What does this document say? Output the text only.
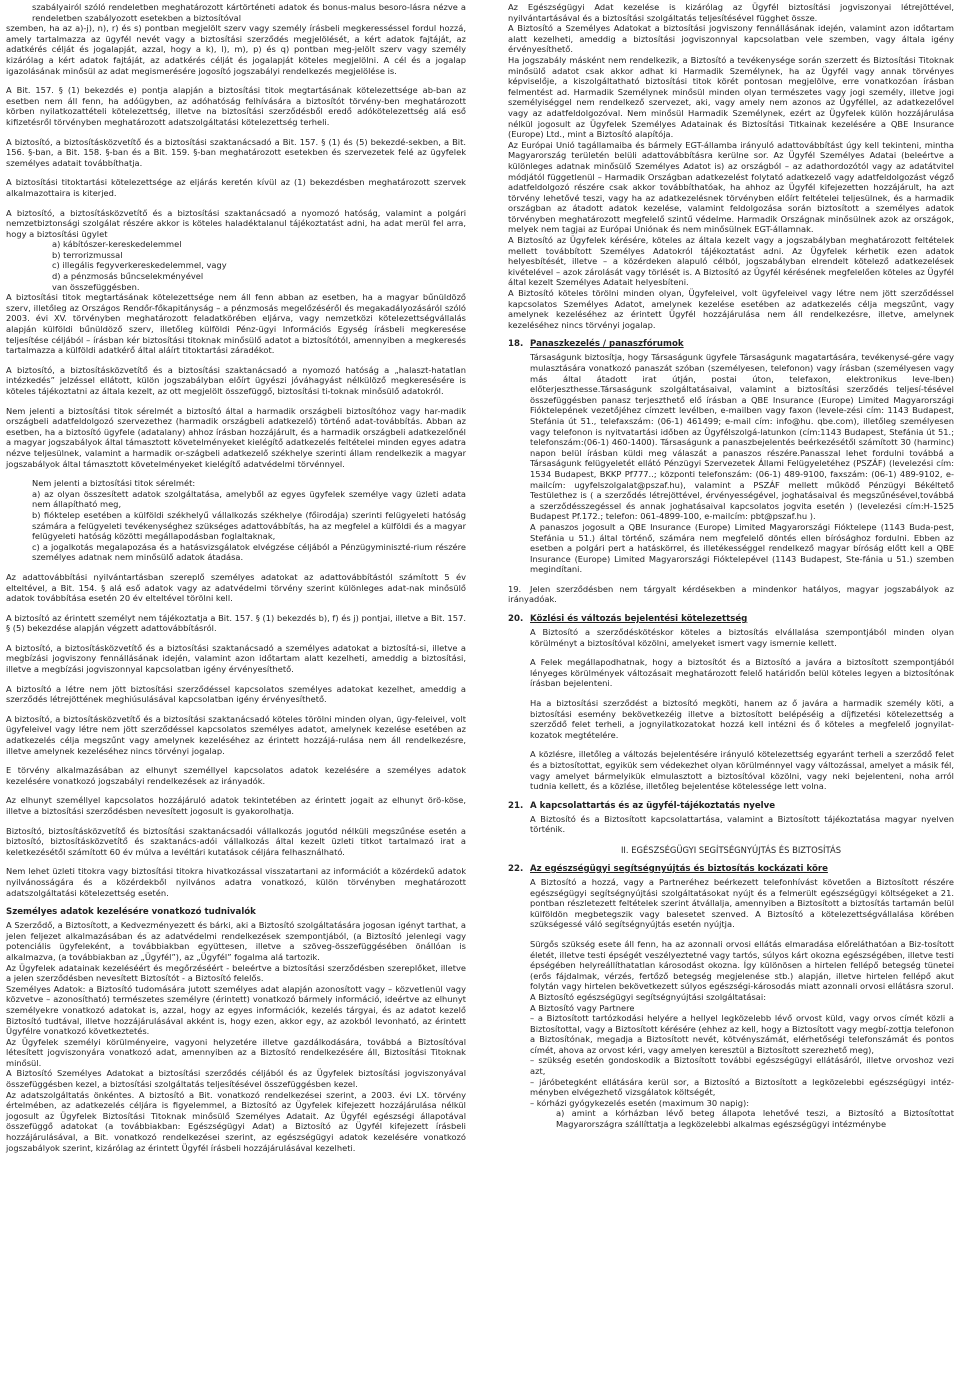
szabályairól szóló rendeletben meghatározott kártörténeti adatok és bonus-malus besoro-lásra nézve a rendeletben szabályozott esetekben a biztosítóval

szemben, ha az a)-j), n), r) és s) pontban megjelölt szerv vagy személy írásbeli megkeresséssel fordul hozzá, amely tartalmazza az ügyfél nevét vagy a biztosítási szerződés megjelölését, a kért adatok fajtáját, az adatkérés célját és jogalapját, azzal, hogy a k), l), m), p) és q) pontban meg-jelölt szerv vagy személy kizárólag a kért adatok fajtáját, az adatkérés célját és jogalapját köteles megjelölni. A cél és a jogalap igazolásának minősül az adat megismerésére jogosító jogszabályi rendelkezés megjelölése is.

A Bit. 157. § (1) bekezdés e) pontja alapján a biztosítási titok megtartásának kötelezettsége ab-ban az esetben nem áll fenn, ha adóügyben, az adóhatóság felhívására a biztosítót törvény-ben meghatározott körben nyilatkozattételi kötelezettség, illetve na biztosítási szerződésből eredő adókötelezettség alá eső kifizetésről törvényben meghatározott adatszolgáltatási kötelezettség terheli.

A biztosító, a biztosításközvetítő és a biztosítási szaktanácsadó a Bit. 157. § (1) és (5) bekezdé-sekben, a Bit. 156. §-ban, a Bit. 158. §-ban és a Bit. 159. §-ban meghatározott esetekben és szervezetek felé az ügyfelek személyes adatait továbbíthatja.

A biztosítási titoktartási kötelezettsége az eljárás keretén kívül az (1) bekezdésben meghatározott szervek alkalmazottaira is kiterjed.

A biztosító, a biztosításközvetítő és a biztosítási szaktanácsadó a nyomozó hatóság, valamint a polgári nemzetbiztonsági szolgálat részére akkor is köteles haladéktalanul tájékoztatást adni, ha adat merül fel arra, hogy a biztosítási ügylet

a) kábítószer-kereskedelemmel

b) terrorizmussal

c) illegális fegyverkereskedelemmel, vagy

d) a pénzmosás bűncselekményével

van összefüggésben.

A biztosítási titok megtartásának kötelezettsége nem áll fenn abban az esetben, ha a magyar bűnüldöző szerv, illetőleg az Országos Rendőr-főkapitányság – a pénzmosás megelőzéséről és megakadályozásáról szóló 2003. évi XV. törvényben meghatározott feladatkörében eljárva, vagy nemzetközi kötelezettségvállalás alapján külföldi bűnüldöző szerv, illetőleg külföldi Pénz-ügyi Információs Egység írásbeli megkeresése teljesítése céljából – írásban kér biztosítási titoknak minősülő adatot a biztosítótól, amennyiben a megkeresés tartalmazza a külföldi adatkérő által aláírt titoktartási záradékot.

A biztosító, a biztosításközvetítő és a biztosítási szaktanácsadó a nyomozó hatóság a „halaszt-hatatlan intézkedés” jelzéssel ellátott, külön jogszabályban előírt ügyészi jóváhagyást nélkülöző megkeresésére is köteles tájékoztatni az általa kezelt, az ott megjelölt összefüggő, biztosítási ti-toknak minősülő adatokról.

Nem jelenti a biztosítási titok sérelmét a biztosító által a harmadik országbeli biztosítóhoz vagy har-madik országbeli adatfeldolgozó szervezethez (harmadik országbeli adatkezelő) történő adat-továbbítás. Abban az esetben, ha a biztosító ügyfele (adatalany) ahhoz írásban hozzájárult, és a harmadik országbeli adatkezelőnél a magyar jogszabályok által támasztott követelményeket kielégítő adatkezelés feltételei minden egyes adatra nézve teljesülnek, valamint a harmadik or-szágbeli adatkezelő székhelye szerinti állam rendelkezik a magyar jogszabályok által támasztott követelményeket kielégítő adatvédelmi törvénnyel.

Nem jelenti a biztosítási titok sérelmét:

a) az olyan összesített adatok szolgáltatása, amelyből az egyes ügyfelek személye vagy üzleti adata nem állapítható meg,

b) fióktelep esetében a külföldi székhelyű vállalkozás székhelye (főirodája) szerinti felügyeleti hatóság számára a felügyeleti tevékenységhez szükséges adattovábbítás, ha az megfelel a külföldi és a magyar felügyeleti hatóság közötti megállapodásban foglaltaknak,

c) a jogalkotás megalapozása és a hatásvizsgálatok elvégzése céljából a Pénzügyminiszté-rium részére személyes adatnak nem minősülő adatok átadása.

Az adattovábbítási nyilvántartásban szereplő személyes adatokat az adattovábbítástól számított 5 év elteltével, a Bit. 154. § alá eső adatok vagy az adatvédelmi törvény szerint különleges adat-nak minősülő adatok továbbítása esetén 20 év elteltével törölni kell.

A biztosító az érintett személyt nem tájékoztatja a Bit. 157. § (1) bekezdés b), f) és j) pontjai, illetve a Bit. 157. § (5) bekezdése alapján végzett adattovábbításról.

A biztosító, a biztosításközvetítő és a biztosítási szaktanácsadó a személyes adatokat a biztosítá-si, illetve a megbízási jogviszony fennállásának idején, valamint azon időtartam alatt kezelheti, ameddig a biztosítási, illetve a megbízási jogviszonnyal kapcsolatban igény érvényesíthető.

A biztosító a létre nem jött biztosítási szerződéssel kapcsolatos személyes adatokat kezelhet, ameddig a szerződés létrejöttének meghiúsulásával kapcsolatban igény érvényesíthető.

A biztosító, a biztosításközvetítő és a biztosítási szaktanácsadó köteles törölni minden olyan, ügy-feleivel, volt ügyfeleivel vagy létre nem jött szerződéssel kapcsolatos személyes adatot, amelynek kezelése esetében az adatkezelés célja megszűnt vagy amelynek kezeléséhez az érintett hozzájá-rulása nem áll rendelkezésre, illetve amelynek kezeléséhez nincs törvényi jogalap.

E törvény alkalmazásában az elhunyt személlyel kapcsolatos adatok kezelésére a személyes adatok kezelésére vonatkozó jogszabályi rendelkezések az irányadók.

Az elhunyt személlyel kapcsolatos hozzájáruló adatok tekintetében az érintett jogait az elhunyt örö-köse, illetve a biztosítási szerződésben nevesített jogosult is gyakorolhatja.

Biztosító, biztosításközvetítő és biztosítási szaktanácsadói vállalkozás jogutód nélküli megszűnése esetén a biztosító, biztosításközvetítő és szaktanács-adói vállalkozás által kezelt üzleti titkot tartalmazó irat a keletkezésétől számított 60 év múlva a levéltári kutatások céljára felhasználható.

Nem lehet üzleti titokra vagy biztosítási titokra hivatkozással visszatartani az információt a közérdekű adatok nyilvánosságára és a közérdekből nyilvános adatra vonatkozó, külön törvényben meghatározott adatszolgáltatási kötelezettség esetén.

Személyes adatok kezelésére vonatkozó tudnivalók

A Szerződő, a Biztosított, a Kedvezményezett és bárki, aki a Biztosító szolgáltatására jogosan igényt tarthat, a jelen feljezet alkalmazásában és az adatvédelmi rendelkezések szempontjából, (a Biztosító jelenlegi vagy potenciális ügyfeleként, a továbbiakban együttesen, illetve a szöveg-összefüggésében önállóan is alkalmazva, (a továbbiakban az „Ügyfél”), az „Ügyfél” fogalma alá tartozik.

Az Ügyfelek adatainak kezeléséért és megőrzéséért - beleértve a biztosítási szerződésben szereplőket, illetve a jelen szerződésben nevesített Biztosítót - a Biztosító felelős.

Személyes Adatok: a Biztosító tudomására jutott személyes adat alapján azonosított vagy – közvetlenül vagy közvetve – azonosítható) természetes személyre (érintett) vonatkozó bármely információ, ideértve az elhunyt személyekre vonatkozó adatokat is, azzal, hogy az egyes információk, kezelés tárgyai, és az adatot kezelő Biztosító tudtával, illetve hozzájárulásával akként is, hogy ezen, akkor egy, az azokból levonható, az érintett Ügyfélre vonatkozó következtetés.

Az Ügyfelek személyi körülményeire, vagyoni helyzetére illetve gazdálkodására, továbbá a Biztosítóval létesített jogviszonyára vonatkozó adat, amennyiben az a Biztosító rendelkezésére áll, Biztosítási Titoknak minősül.

A Biztosító Személyes Adatokat a biztosítási szerződés céljából és az Ügyfelek biztosítási jogviszonyával összefüggésben kezel, a biztosítási szolgáltatás teljesítésével összefüggésben kezel.

Az adatszolgáltatás önkéntes. A biztosító a Bit. vonatkozó rendelkezései szerint, a 2003. évi LX. törvény értelmében, az adatkezelés céljára is figyelemmel, a Biztosító az Ügyfelek kifejezett hozzájárulása nélkül jogosult az Ügyfelek Biztosítási Titoknak minősülő Személyes Adatait. Az Ügyfél egészségi állapotával összefüggő adatokat (a továbbiakban: Egészségügyi Adat) a Biztosító az Ügyfél kifejezett írásbeli hozzájárulásával, a Bit. vonatkozó rendelkezései szerint, az egészségügyi adatok kezelésére vonatkozó jogszabályok szerint, kizárólag az érintett Ügyfél írásbeli hozzájárulásával kezelheti.

Az Egészségügyi Adat kezelése is kizárólag az Ügyfél biztosítási jogviszonyai létrejöttével, nyilvántartásával és a biztosítási szolgáltatás teljesítésével függhet össze.

A Biztosító a Személyes Adatokat a biztosítási jogviszony fennállásának idején, valamint azon időtartam alatt kezelheti, ameddig a biztosítási jogviszonnyal kapcsolatban vele szemben, vagy általa igény érvényesíthető.

Ha jogszabály másként nem rendelkezik, a Biztosító a tevékenysége során szerzett és Biztosítási Titoknak minősülő adatot csak akkor adhat ki Harmadik Személynek, ha az Ügyfél vagy annak törvényes képviselője, a kiszolgáltatható biztosítási titok körét pontosan megjelölve, erre vonatkozóan írásban felmentést ad. Harmadik Személynek minősül minden olyan természetes vagy jogi személy, illetve jogi személyiséggel nem rendelkező szervezet, aki, vagy amely nem azonos az Ügyféllel, az adatkezelővel vagy az adatfeldolgozóval. Nem minősül Harmadik Személynek, ezért az Ügyfelek külön hozzájárulása nélkül jogosult az Ügyfelek Személyes Adatainak és Biztosítási Titkainak kezelésére a QBE Insurance (Europe) Ltd., mint a Biztosító alapítója.

Az Európai Unió tagállamaiba és bármely EGT-államba irányuló adattovábbítást úgy kell tekinteni, mintha Magyarország területén belüli adattovábbításra kerülne sor. Az Ügyfél Személyes Adatai (beleértve a különleges adatnak minősülő Személyes Adatot is) az országból – az adathordozótól vagy az adatátvitel módjától függetlenül – Harmadik Országban adatkezelést folytató adatkezelő vagy adatfeldolgozást végző adatfeldolgozó részére csak akkor továbbíthatóak, ha ahhoz az Ügyfél kifejezetten hozzájárult, ha azt törvény lehetővé teszi, vagy ha az adatkezelésnek törvényben előírt feltételei teljesülnek, és a harmadik országban az átadott adatok kezelése, valamint feldolgozása során biztosított a személyes adatok törvényben meghatározott megfelelő szintű védelme. Harmadik Országnak minősülnek azok az országok, melyek nem tagjai az Európai Uniónak és nem minősülnek EGT-államnak.

A Biztosító az Ügyfelek kérésére, köteles az általa kezelt vagy a jogszabályban meghatározott feltételek mellett továbbított Személyes Adatokról tájékoztatást adni. Az Ügyfelek kérhetik ezen adatok helyesbítését, illetve – a közérdeken alapuló célból, jogszabályban elrendelt kötelező adatkezelések kivételével – azok zárolását vagy törlését is. A Biztosító az Ügyfél kérésének megfelelően köteles az Ügyfél által kezelt Személyes Adatait helyesbíteni.

A Biztosító köteles törölni minden olyan, Ügyfeleivel, volt ügyfeleivel vagy létre nem jött szerződéssel kapcsolatos Személyes Adatot, amelynek kezelése esetében az adatkezelés célja megszűnt, vagy amelynek kezeléséhez az érintett Ügyfél hozzájárulása nem áll rendelkezésre, illetve, amelynek kezeléséhez nincs törvényi jogalap.

18. Panaszkezelés / panaszfórumok

Társaságunk biztosítja, hogy Társaságunk ügyfele Társaságunk magatartására, tevékenysé-gére vagy mulasztására vonatkozó panaszát szóban (személyesen, telefonon) vagy írásban (személyesen vagy más által átadott irat útján, postai úton, telefaxon, elektronikus leve-lben) előterjeszthesse.Társaságunk szolgáltatásaival, valamint a biztosítási szerződés teljesí-tésével összefüggésben panasz terjeszthető elő írásban a QBE Insurance (Europe) Limited Magyarországi Fióktelepének vezetőjéhez címzett levélben, e-mailben vagy faxon (levele-zési cím: 1143 Budapest, Stefánia út 51., telefaxszám: (06-1) 461499; e-mail cím: info@hu. qbe.com), illetőleg személyesen vagy telefonon is nyitvatartási időben az Ügyfélszolgá-latunkon (cím:1143 Budapest, Stefánia út 51.; telefonszám:(06-1) 460-1400). Társaságunk a panaszbejelentés beérkezésétől számított 30 (harminc) napon belül írásban küldi meg válaszát a panaszos részére.Panasszal lehet fordulni továbbá a Társaságunk felügyeletét ellátó Pénzügyi Szervezetek Állami Felügyeletéhez (PSZÁF) (levelezési cím: 1534 Budapest, BKKP Pf777..; központi telefonszám: (06-1) 489-9100, faxszám: (06-1) 489-9102, e-mailcím: ugyfelszolgalat@pszaf.hu), valamint a PSZÁF mellett működő Pénzügyi Békéltető Testülethez is ( a szerződés létrejöttével, érvényességével, joghatásaival és megszűnésével,továbbá a szerződésszegéssel és annak joghatásaival kapcsolatos jogvita esetén ) (levelezési cím:H-1525 Budapest Pf.172.; telefon: 061-4899-100, e-mailcím: pbt@pszaf.hu ).

A panaszos jogosult a QBE Insurance (Europe) Limited Magyarországi Fióktelepe (1143 Buda-pest, Stefánia u 51.) által történő, számára nem megfelelő döntés ellen bírósághoz fordulni. Ebben az esetben a polgári pert a hatáskörrel, és illetékességgel rendelkező magyar bíróság előtt kell a QBE Insurance (Europe) Limited Magyarországi Fióktelepével (1143 Budapest, Ste-fánia u 51.) szemben megindítani.

19. Jelen szerződésben nem tárgyalt kérdésekben a mindenkor hatályos, magyar jogszabályok az irányadóak.

20. Közlési és változás bejelentési kötelezettség

A Biztosító a szerződéskötéskor köteles a biztosítás elvállalása szempontjából minden olyan körülményt a biztosítóval közölni, amelyeket ismert vagy ismernie kellett.

A Felek megállapodhatnak, hogy a biztosítót és a Biztosító a javára a biztosított szempontjából lényeges körülmények változásait meghatározott felelő határidőn belül köteles legyen a biztosítónak írásban bejelenteni.

Ha a biztosítási szerződést a biztosító megköti, hanem az ő javára a harmadik személy köti, a biztosítási esemény bekövetkezéig illetve a biztosított belépéséig a díjfizetési kötelezettség a szerződő felet terheli, a jognyilatkozatokat hozzá kell intézni és ő köteles a megfelelő jognyilat-kozatok megtételére.

A közlésre, illetőleg a változás bejelentésére irányuló kötelezettség egyaránt terheli a szerződő felet és a biztosítottat, egyikük sem védekezhet olyan körülménnyel vagy változással, amelyet a másik fél, vagy amelyet bármelyikük elmulasztott a biztosítóval közölni, vagy neki bejelenteni, noha arról tudnia kellett, és a közlése, illetőleg bejelentése kötelessége lett volna.

21. A kapcsolattartás és az ügyfél-tájékoztatás nyelve

A Biztosító és a Biztosított kapcsolattartása, valamint a Biztosított tájékoztatása magyar nyelven történik.

II. EGÉSZSÉGÜGYI SEGÍTSÉGNYÚJTÁS ÉS BIZTOSÍTÁS

22. Az egészségügyi segítségnyújtás és biztosítás kockázati köre

A Biztosító a hozzá, vagy a Partneréhez beérkezett telefonhívást követően a Biztosított részére egészségügyi segítségnyújtási szolgáltatásokat nyújt és a felmerült egészségügyi költségeket a 21. pontban részletezett feltételek szerint átvállalja, amennyiben a Biztosított a biztosítás tartamán belül külföldön megbetegszik vagy balesetet szenved. A Biztosító a kötelezettségvállalása körében szükségessé váló segítségnyújtás esetén nyújtja.

Sürgős szükség esete áll fenn, ha az azonnali orvosi ellátás elmaradása előreláthatóan a Biz-tosított életét, illetve testi épségét veszélyeztetné vagy tartós, súlyos kárt okozna egészségében, illetve testi épségében helyreállíthatatlan károsodást okozna. Így különösen a hirtelen fellépő betegség tünetei (erős fájdalmak, vérzés, fertőző betegség megjelenése stb.) alapján, illetve hirtelen fellépő akut folytán vagy hirtelen bekövetkezett súlyos egészségi-károsodás miatt azonnali orvosi ellátásra szorul.

A Biztosító egészségügyi segítségnyújtási szolgáltatásai:

A Biztosító vagy Partnere

– a Biztosított tartózkodási helyére a hellyel legközelebb lévő orvost küld, vagy orvos címét közli a Biztosítottal, vagy a Biztosított kérésére (ehhez az kell, hogy a Biztosított vagy megbí-zottja telefonon a Biztosítónak, megadja a Biztosított nevét, kötvényszámát, elérhetőségi telefonszámát és pontos címét, ahova az orvost kéri, vagy amelyen keresztül a Biztosított szerezhető meg),

– szükség esetén gondoskodik a Biztosított további egészségügyi ellátásáról, illetve orvoshoz vezi azt,

– járóbetegként ellátására kerül sor, a Biztosító a Biztosított a legközelebbi egészségügyi intéz-ményben elvégezhető vizsgálatok költségét,

– kórházi gyógykezelés esetén (maximum 30 napig):

a) amint a kórházban lévő beteg állapota lehetővé teszi, a Biztosító a Biztosítottat Magyarországra szállíttatja a legközelebbi alkalmas egészségügyi intézménybe
